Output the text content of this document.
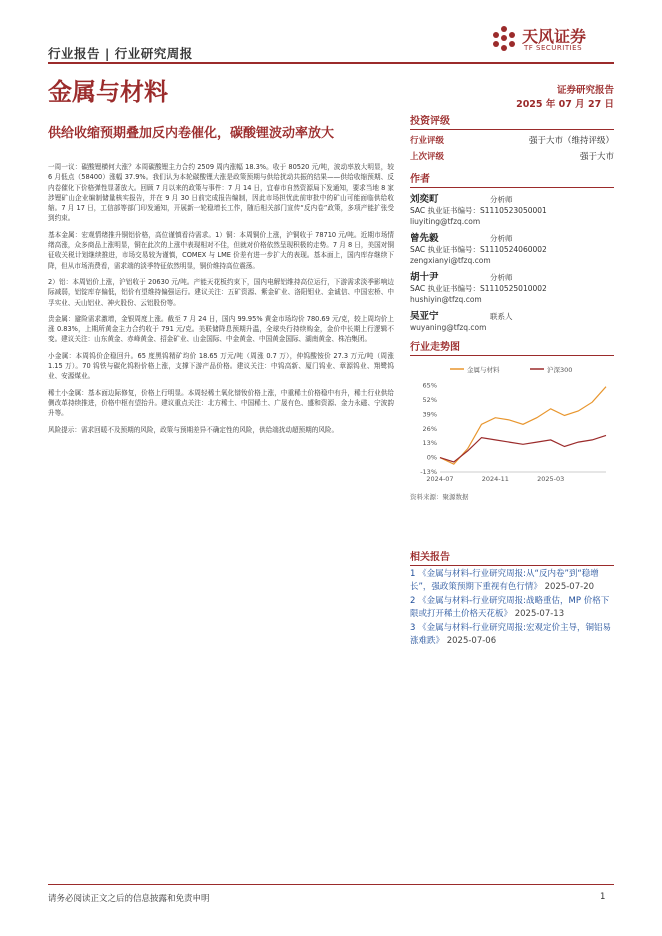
行业报告 | 行业研究周报
天风证券
TF SECURITIES
金属与材料	证券研究报告
2025 年 07 月 27 日
供给收缩预期叠加反内卷催化，碳酸锂波动率放大
投资评级
行业评级	强于大市（维持评级）
上次评级	强于大市
作者
刘奕町	分析师
SAC 执业证书编号：S1110523050001
liuyiting@tfzq.com
曾先毅	分析师
SAC 执业证书编号：S1110524060002
zengxianyi@tfzq.com
胡十尹	分析师
SAC 执业证书编号：S1110525010002
hushiyin@tfzq.com
吴亚宁	联系人
wuyaning@tfzq.com
行业走势图
金属与材料	沪深300
65%
52%
39%
26%
13%
0%
-13%
2024-07	2024-11	2025-03
资料来源：聚源数据
相关报告
1 《金属与材料-行业研究周报:从“反内卷”到“稳增长”，强政策预期下重视有色行情》 2025-07-20
2 《金属与材料-行业研究周报:战略重估，MP 价格下限或打开稀土价格天花板》 2025-07-13
3 《金属与材料-行业研究周报:宏观定价主导，铜铝易涨难跌》 2025-07-06

一周一议：碳酸锂横何大涨？本周碳酸锂主力合约 2509 周内涨幅 18.3%。收于 80520 元/吨，波动率放大明显，较 6 月低点（58400）涨幅 37.9%。我们认为本轮碳酸锂大涨是政策预期与供给扰动共振的结果——供给收缩预期、反内卷催化下价格弹性显著放大。回顾 7 月以来的政策与事件：7 月 14 日，宜春市自然资源局下发通知，要求当地 8 家涉锂矿山企业编制储量核实报告，并在 9 月 30 日前完成报告编制，因此市场担忧此前审批中的矿山可能面临供给收缩。7 月 17 日，工信部等部门印发通知，开展新一轮稳增长工作，随后相关部门宣传“反内卷”政策，多项产能扩张受到约束。

基本金属：宏观情绪推升铜铝价格，高位谨慎看待需求。1）铜：本周铜价上涨，沪铜收于 78710 元/吨。近期市场情绪高涨，众多商品上涨明显，铜在此次的上涨中表现相对不佳，但就对价格依然呈现积极的走势。7 月 8 日，美国对铜征收关税计划继续推进，市场交易较为谨慎，COMEX 与 LME 价差有进一步扩大的表现。基本面上，国内库存继续下降，但从市场消费看，需求端的淡季特征依然明显，铜价维持高位震荡。

2）铝：本周铝价上涨，沪铝收于 20630 元/吨。产能天花板约束下，国内电解铝维持高位运行，下游需求淡季影响边际减弱，铝锭库存偏低，铝价有望维持偏强运行。建议关注：五矿资源、紫金矿业、洛阳钼业、金诚信、中国宏桥、中孚实业、天山铝业、神火股份、云铝股份等。

贵金属：避险需求激增，金银周度上涨。截至 7 月 24 日，国内 99.95% 黄金市场均价 780.69 元/克，较上周均价上涨 0.83%，上期所黄金主力合约收于 791 元/克。美联储降息预期升温，全球央行持续购金，金价中长期上行逻辑不变。建议关注：山东黄金、赤峰黄金、招金矿业、山金国际、中金黄金、中国黄金国际、湖南黄金、株冶集团。

小金属：本周钨价企稳回升。65 度黑钨精矿均价 18.65 万元/吨（周涨 0.7 万），仲钨酸铵价 27.3 万元/吨（周涨 1.15 万）。70 钨铁与碳化钨粉价格上涨，支撑下游产品价格。建议关注：中钨高新、厦门钨业、章源钨业、翔鹭钨业、安源煤业。

稀土小金属：基本面边际修复，价格上行明显。本周轻稀土氧化镨钕价格上涨，中重稀土价格稳中有升，稀土行业供给侧改革持续推进，价格中枢有望抬升。建议重点关注：北方稀土、中国稀土、广晟有色、盛和资源、金力永磁、宁波韵升等。

风险提示：需求回暖不及预期的风险，政策与预期差异不确定性的风险，供给端扰动超预期的风险。

请务必阅读正文之后的信息披露和免责申明	1
